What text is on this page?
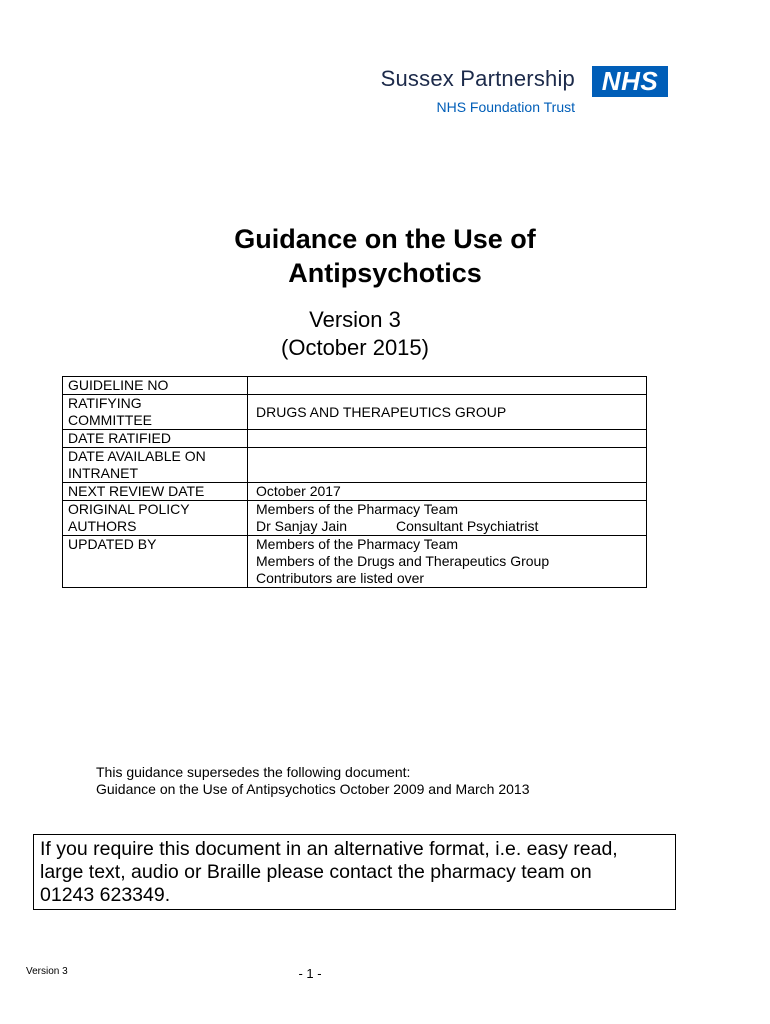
Sussex Partnership
NHS Foundation Trust
NHS
Guidance on the Use of
Antipsychotics
Version 3
(October 2015)
GUIDELINE NO	

RATIFYING
COMMITTEE	DRUGS AND THERAPEUTICS GROUP
DATE RATIFIED	

DATE AVAILABLE ON
INTRANET	

NEXT REVIEW DATE	October 2017

ORIGINAL POLICY
AUTHORS	Members of the Pharmacy Team
Dr Sanjay Jain Consultant Psychiatrist

UPDATED BY	Members of the Pharmacy Team
Members of the Drugs and Therapeutics Group
Contributors are listed over
This guidance supersedes the following document:
Guidance on the Use of Antipsychotics October 2009 and March 2013
If you require this document in an alternative format, i.e. easy read,
large text, audio or Braille please contact the pharmacy team on
01243 623349.
Version 3	- 1 -
